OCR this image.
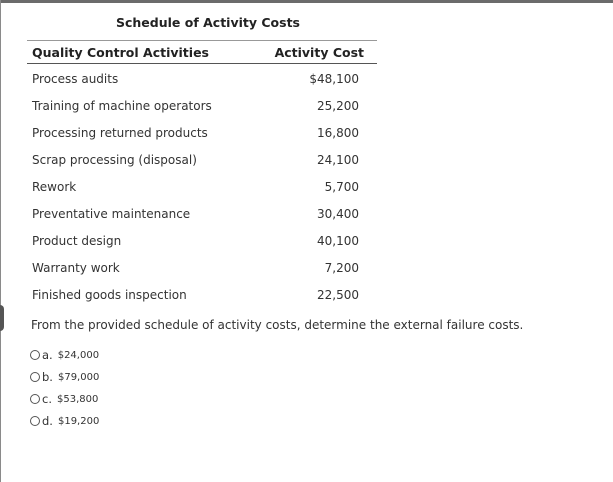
Schedule of Activity Costs
Quality Control Activities	Activity Cost
Process audits	$48,100
Training of machine operators	25,200
Processing returned products	16,800
Scrap processing (disposal)	24,100
Rework	5,700
Preventative maintenance	30,400
Product design	40,100
Warranty work	7,200
Finished goods inspection	22,500
From the provided schedule of activity costs, determine the external failure costs.
a. $24,000
b. $79,000
c. $53,800
d. $19,200
